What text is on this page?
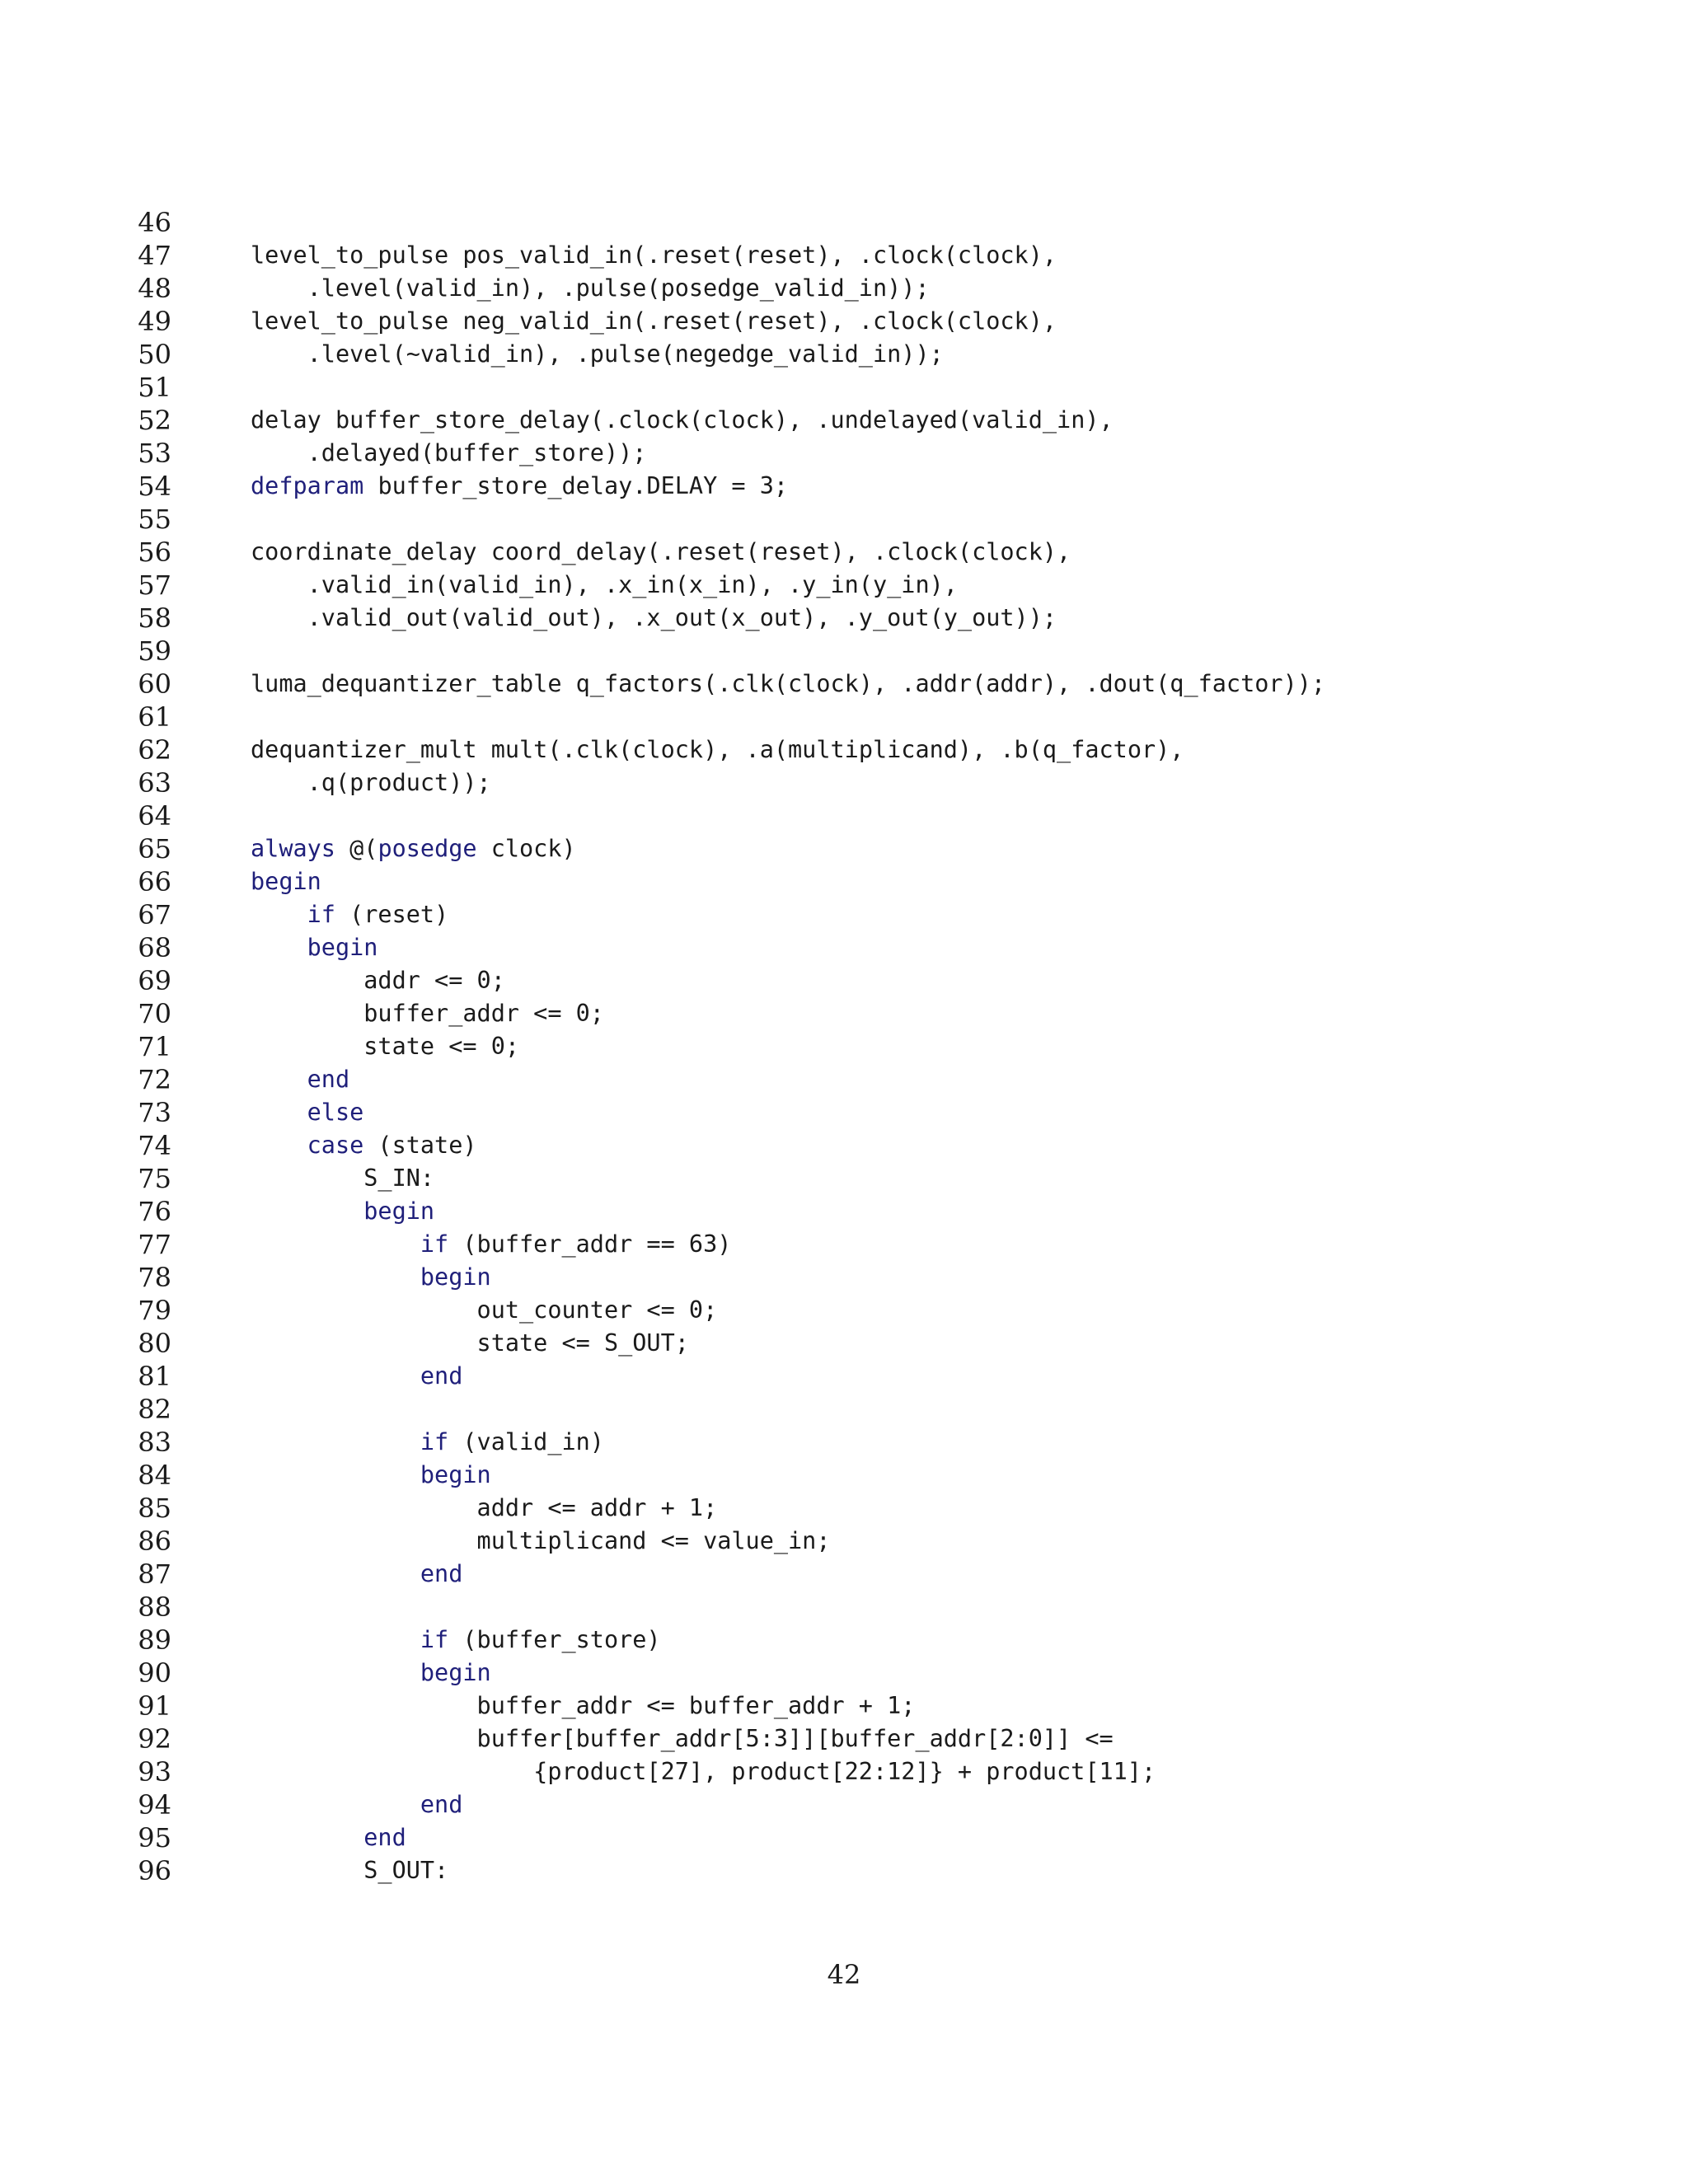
46
47	level_to_pulse pos_valid_in(.reset(reset), .clock(clock),
48	.level(valid_in), .pulse(posedge_valid_in));
49	level_to_pulse neg_valid_in(.reset(reset), .clock(clock),
50	.level(~valid_in), .pulse(negedge_valid_in));
51
52	delay buffer_store_delay(.clock(clock), .undelayed(valid_in),
53	.delayed(buffer_store));
54	defparam buffer_store_delay.DELAY = 3;
55
56	coordinate_delay coord_delay(.reset(reset), .clock(clock),
57	.valid_in(valid_in), .x_in(x_in), .y_in(y_in),
58	.valid_out(valid_out), .x_out(x_out), .y_out(y_out));
59
60	luma_dequantizer_table q_factors(.clk(clock), .addr(addr), .dout(q_factor));
61
62	dequantizer_mult mult(.clk(clock), .a(multiplicand), .b(q_factor),
63	.q(product));
64
65	always @(posedge clock)
66	begin
67	if (reset)
68	begin
69	addr <= 0;
70	buffer_addr <= 0;
71	state <= 0;
72	end
73	else
74	case (state)
75	S_IN:
76	begin
77	if (buffer_addr == 63)
78	begin
79	out_counter <= 0;
80	state <= S_OUT;
81	end
82
83	if (valid_in)
84	begin
85	addr <= addr + 1;
86	multiplicand <= value_in;
87	end
88
89	if (buffer_store)
90	begin
91	buffer_addr <= buffer_addr + 1;
92	buffer[buffer_addr[5:3]][buffer_addr[2:0]] <=
93	{product[27], product[22:12]} + product[11];
94	end
95	end
96	S_OUT:
42
